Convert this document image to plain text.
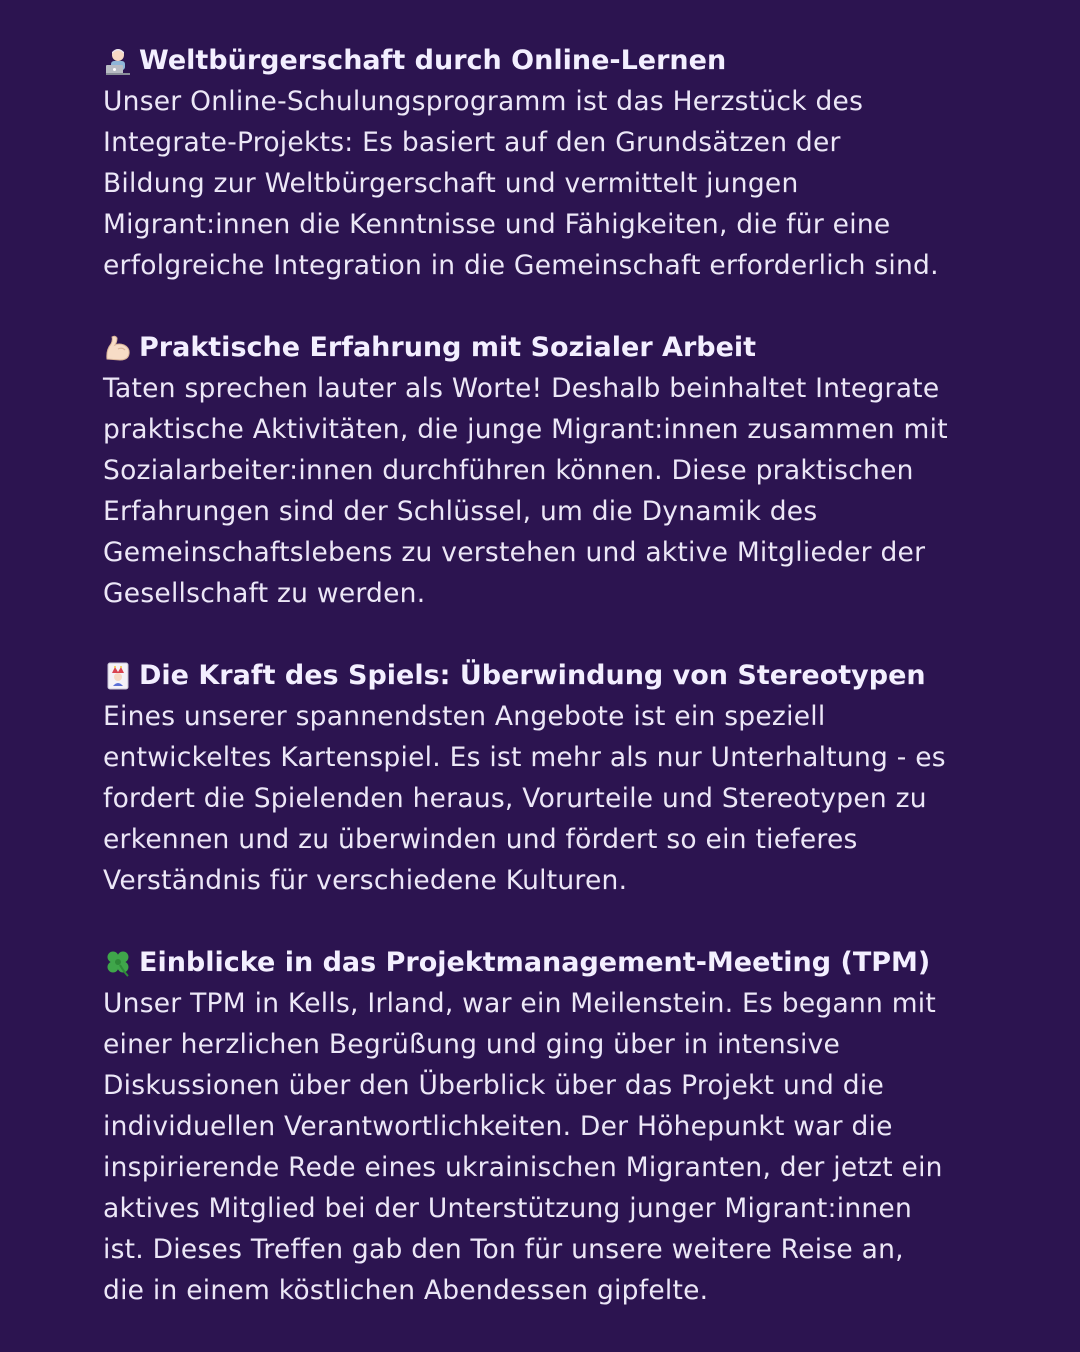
Weltbürgerschaft durch Online-Lernen
Unser Online-Schulungsprogramm ist das Herzstück des
Integrate-Projekts: Es basiert auf den Grundsätzen der
Bildung zur Weltbürgerschaft und vermittelt jungen
Migrant:innen die Kenntnisse und Fähigkeiten, die für eine
erfolgreiche Integration in die Gemeinschaft erforderlich sind.
Praktische Erfahrung mit Sozialer Arbeit
Taten sprechen lauter als Worte! Deshalb beinhaltet Integrate
praktische Aktivitäten, die junge Migrant:innen zusammen mit
Sozialarbeiter:innen durchführen können. Diese praktischen
Erfahrungen sind der Schlüssel, um die Dynamik des
Gemeinschaftslebens zu verstehen und aktive Mitglieder der
Gesellschaft zu werden.
Die Kraft des Spiels: Überwindung von Stereotypen
Eines unserer spannendsten Angebote ist ein speziell
entwickeltes Kartenspiel. Es ist mehr als nur Unterhaltung - es
fordert die Spielenden heraus, Vorurteile und Stereotypen zu
erkennen und zu überwinden und fördert so ein tieferes
Verständnis für verschiedene Kulturen.
Einblicke in das Projektmanagement-Meeting (TPM)
Unser TPM in Kells, Irland, war ein Meilenstein. Es begann mit
einer herzlichen Begrüßung und ging über in intensive
Diskussionen über den Überblick über das Projekt und die
individuellen Verantwortlichkeiten. Der Höhepunkt war die
inspirierende Rede eines ukrainischen Migranten, der jetzt ein
aktives Mitglied bei der Unterstützung junger Migrant:innen
ist. Dieses Treffen gab den Ton für unsere weitere Reise an,
die in einem köstlichen Abendessen gipfelte.
